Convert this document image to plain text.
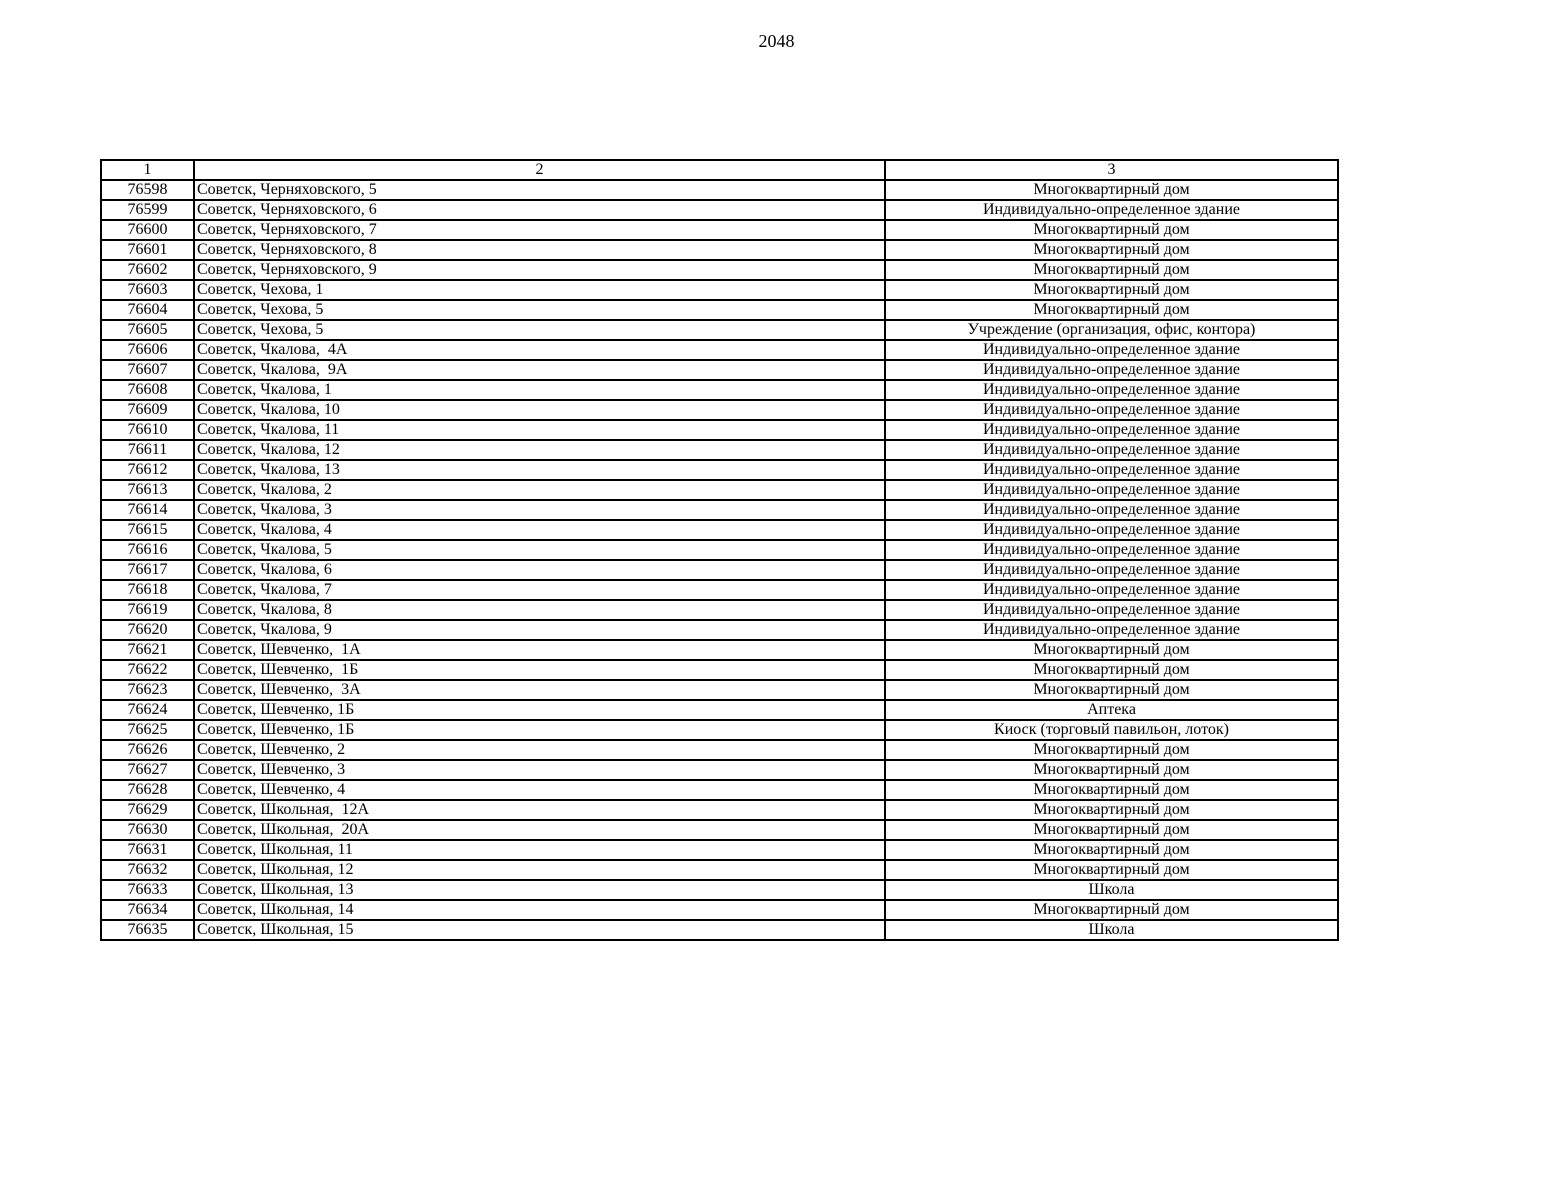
2048
1	2	3
76598	Советск, Черняховского, 5	Многоквартирный дом
76599	Советск, Черняховского, 6	Индивидуально-определенное здание
76600	Советск, Черняховского, 7	Многоквартирный дом
76601	Советск, Черняховского, 8	Многоквартирный дом
76602	Советск, Черняховского, 9	Многоквартирный дом
76603	Советск, Чехова, 1	Многоквартирный дом
76604	Советск, Чехова, 5	Многоквартирный дом
76605	Советск, Чехова, 5	Учреждение (организация, офис, контора)
76606	Советск, Чкалова,  4А	Индивидуально-определенное здание
76607	Советск, Чкалова,  9А	Индивидуально-определенное здание
76608	Советск, Чкалова, 1	Индивидуально-определенное здание
76609	Советск, Чкалова, 10	Индивидуально-определенное здание
76610	Советск, Чкалова, 11	Индивидуально-определенное здание
76611	Советск, Чкалова, 12	Индивидуально-определенное здание
76612	Советск, Чкалова, 13	Индивидуально-определенное здание
76613	Советск, Чкалова, 2	Индивидуально-определенное здание
76614	Советск, Чкалова, 3	Индивидуально-определенное здание
76615	Советск, Чкалова, 4	Индивидуально-определенное здание
76616	Советск, Чкалова, 5	Индивидуально-определенное здание
76617	Советск, Чкалова, 6	Индивидуально-определенное здание
76618	Советск, Чкалова, 7	Индивидуально-определенное здание
76619	Советск, Чкалова, 8	Индивидуально-определенное здание
76620	Советск, Чкалова, 9	Индивидуально-определенное здание
76621	Советск, Шевченко,  1А	Многоквартирный дом
76622	Советск, Шевченко,  1Б	Многоквартирный дом
76623	Советск, Шевченко,  3А	Многоквартирный дом
76624	Советск, Шевченко, 1Б	Аптека
76625	Советск, Шевченко, 1Б	Киоск (торговый павильон, лоток)
76626	Советск, Шевченко, 2	Многоквартирный дом
76627	Советск, Шевченко, 3	Многоквартирный дом
76628	Советск, Шевченко, 4	Многоквартирный дом
76629	Советск, Школьная,  12А	Многоквартирный дом
76630	Советск, Школьная,  20А	Многоквартирный дом
76631	Советск, Школьная, 11	Многоквартирный дом
76632	Советск, Школьная, 12	Многоквартирный дом
76633	Советск, Школьная, 13	Школа
76634	Советск, Школьная, 14	Многоквартирный дом
76635	Советск, Школьная, 15	Школа
